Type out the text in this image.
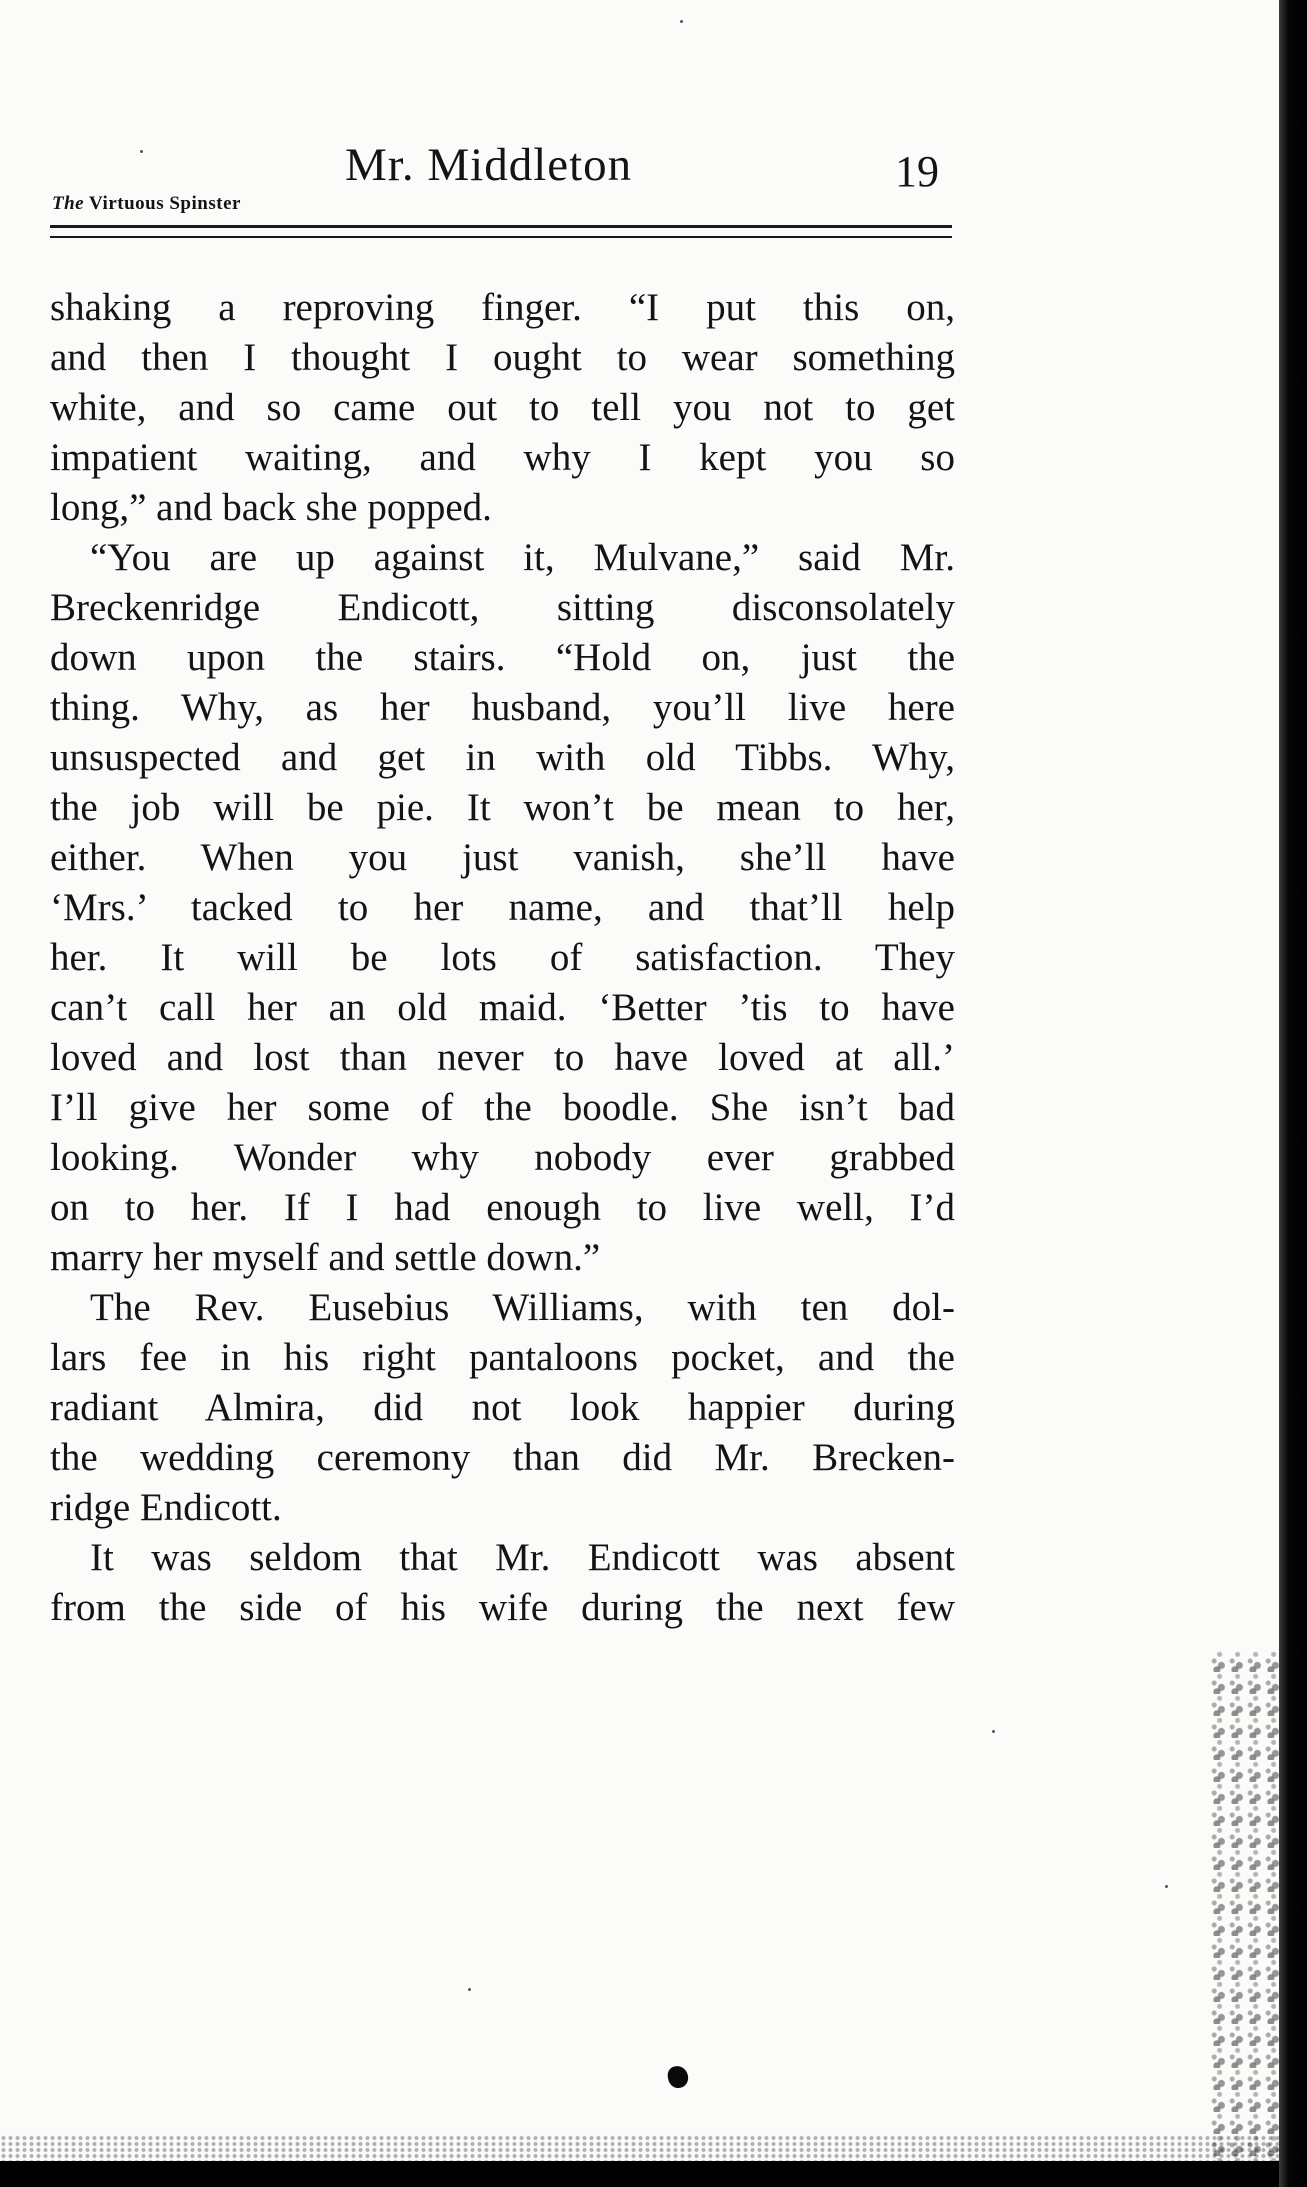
Mr. Middleton	19
The Virtuous Spinster
shaking a reproving finger. “I put this on,
and then I thought I ought to wear something
white, and so came out to tell you not to get
impatient waiting, and why I kept you so
long,” and back she popped.
“You are up against it, Mulvane,” said Mr.
Breckenridge Endicott, sitting disconsolately
down upon the stairs. “Hold on, just the
thing. Why, as her husband, you’ll live here
unsuspected and get in with old Tibbs. Why,
the job will be pie. It won’t be mean to her,
either. When you just vanish, she’ll have
‘Mrs.’ tacked to her name, and that’ll help
her. It will be lots of satisfaction. They
can’t call her an old maid. ‘Better ’tis to have
loved and lost than never to have loved at all.’
I’ll give her some of the boodle. She isn’t bad
looking. Wonder why nobody ever grabbed
on to her. If I had enough to live well, I’d
marry her myself and settle down.”
The Rev. Eusebius Williams, with ten dol-
lars fee in his right pantaloons pocket, and the
radiant Almira, did not look happier during
the wedding ceremony than did Mr. Brecken-
ridge Endicott.
It was seldom that Mr. Endicott was absent
from the side of his wife during the next few
